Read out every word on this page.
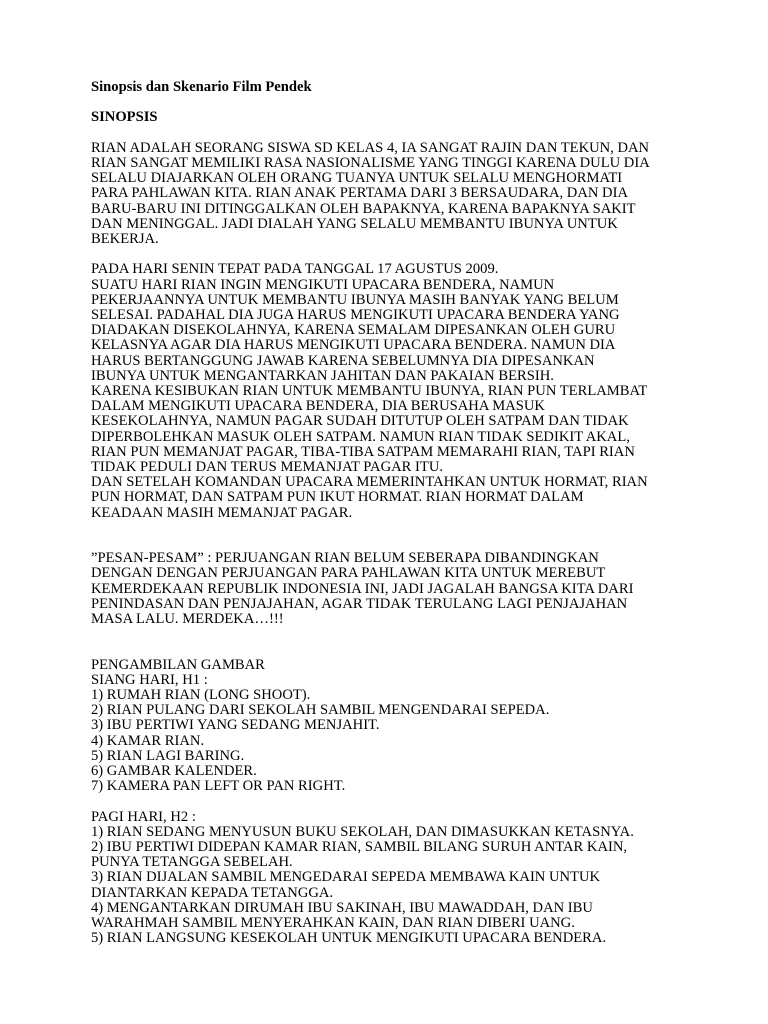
Sinopsis dan Skenario Film Pendek

SINOPSIS

RIAN ADALAH SEORANG SISWA SD KELAS 4, IA SANGAT RAJIN DAN TEKUN, DAN
RIAN SANGAT MEMILIKI RASA NASIONALISME YANG TINGGI KARENA DULU DIA
SELALU DIAJARKAN OLEH ORANG TUANYA UNTUK SELALU MENGHORMATI
PARA PAHLAWAN KITA. RIAN ANAK PERTAMA DARI 3 BERSAUDARA, DAN DIA
BARU-BARU INI DITINGGALKAN OLEH BAPAKNYA, KARENA BAPAKNYA SAKIT
DAN MENINGGAL. JADI DIALAH YANG SELALU MEMBANTU IBUNYA UNTUK
BEKERJA.
PADA HARI SENIN TEPAT PADA TANGGAL 17 AGUSTUS 2009.
SUATU HARI RIAN INGIN MENGIKUTI UPACARA BENDERA, NAMUN
PEKERJAANNYA UNTUK MEMBANTU IBUNYA MASIH BANYAK YANG BELUM
SELESAI. PADAHAL DIA JUGA HARUS MENGIKUTI UPACARA BENDERA YANG
DIADAKAN DISEKOLAHNYA, KARENA SEMALAM DIPESANKAN OLEH GURU
KELASNYA AGAR DIA HARUS MENGIKUTI UPACARA BENDERA. NAMUN DIA
HARUS BERTANGGUNG JAWAB KARENA SEBELUMNYA DIA DIPESANKAN
IBUNYA UNTUK MENGANTARKAN JAHITAN DAN PAKAIAN BERSIH.
KARENA KESIBUKAN RIAN UNTUK MEMBANTU IBUNYA, RIAN PUN TERLAMBAT
DALAM MENGIKUTI UPACARA BENDERA, DIA BERUSAHA MASUK
KESEKOLAHNYA, NAMUN PAGAR SUDAH DITUTUP OLEH SATPAM DAN TIDAK
DIPERBOLEHKAN MASUK OLEH SATPAM. NAMUN RIAN TIDAK SEDIKIT AKAL,
RIAN PUN MEMANJAT PAGAR, TIBA-TIBA SATPAM MEMARAHI RIAN, TAPI RIAN
TIDAK PEDULI DAN TERUS MEMANJAT PAGAR ITU.
DAN SETELAH KOMANDAN UPACARA MEMERINTAHKAN UNTUK HORMAT, RIAN
PUN HORMAT, DAN SATPAM PUN IKUT HORMAT. RIAN HORMAT DALAM
KEADAAN MASIH MEMANJAT PAGAR.
”PESAN-PESAM” : PERJUANGAN RIAN BELUM SEBERAPA DIBANDINGKAN
DENGAN DENGAN PERJUANGAN PARA PAHLAWAN KITA UNTUK MEREBUT
KEMERDEKAAN REPUBLIK INDONESIA INI, JADI JAGALAH BANGSA KITA DARI
PENINDASAN DAN PENJAJAHAN, AGAR TIDAK TERULANG LAGI PENJAJAHAN
MASA LALU. MERDEKA…!!!
PENGAMBILAN GAMBAR
SIANG HARI, H1 :
1) RUMAH RIAN (LONG SHOOT).
2) RIAN PULANG DARI SEKOLAH SAMBIL MENGENDARAI SEPEDA.
3) IBU PERTIWI YANG SEDANG MENJAHIT.
4) KAMAR RIAN.
5) RIAN LAGI BARING.
6) GAMBAR KALENDER.
7) KAMERA PAN LEFT OR PAN RIGHT.
PAGI HARI, H2 :
1) RIAN SEDANG MENYUSUN BUKU SEKOLAH, DAN DIMASUKKAN KETASNYA.
2) IBU PERTIWI DIDEPAN KAMAR RIAN, SAMBIL BILANG SURUH ANTAR KAIN,
PUNYA TETANGGA SEBELAH.
3) RIAN DIJALAN SAMBIL MENGEDARAI SEPEDA MEMBAWA KAIN UNTUK
DIANTARKAN KEPADA TETANGGA.
4) MENGANTARKAN DIRUMAH IBU SAKINAH, IBU MAWADDAH, DAN IBU
WARAHMAH SAMBIL MENYERAHKAN KAIN, DAN RIAN DIBERI UANG.
5) RIAN LANGSUNG KESEKOLAH UNTUK MENGIKUTI UPACARA BENDERA.
